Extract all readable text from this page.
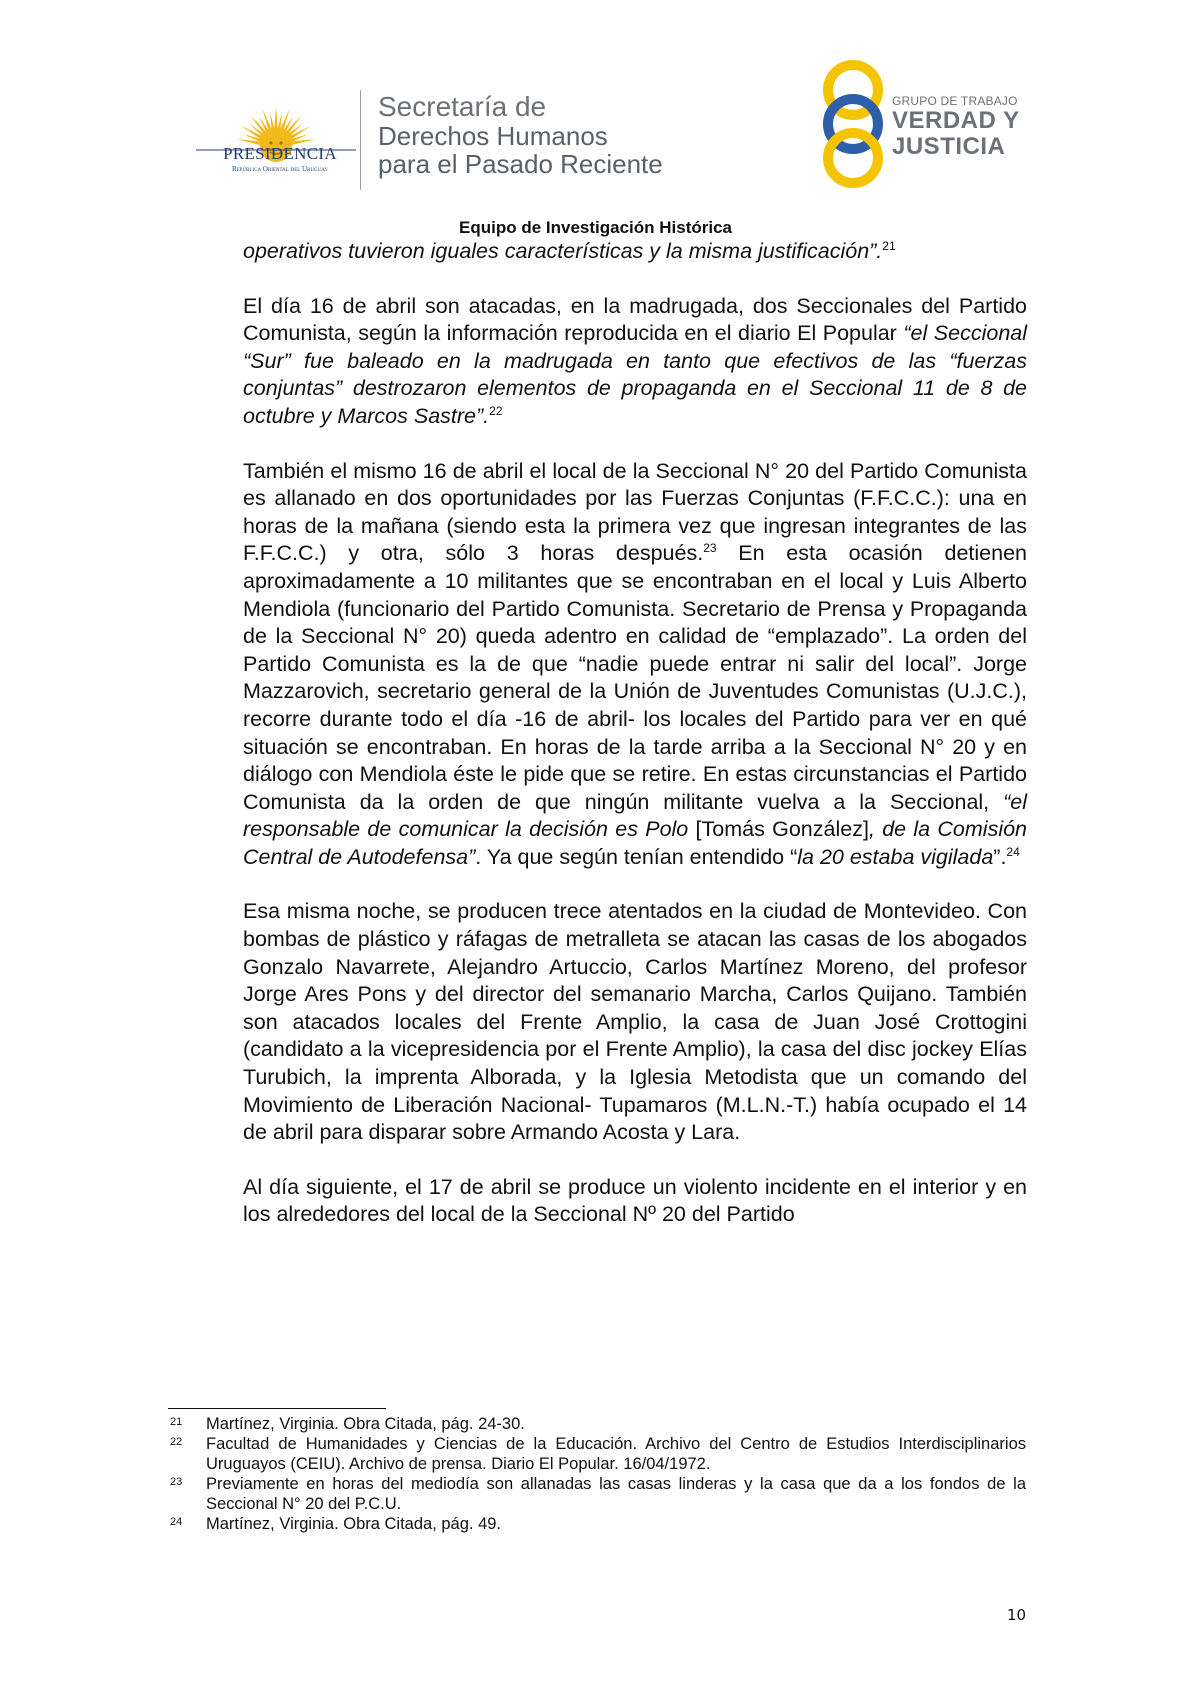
PRESIDENCIA
República Oriental del Uruguay
Secretaría de
Derechos Humanos
para el Pasado Reciente
GRUPO DE TRABAJO
VERDAD Y
JUSTICIA
Equipo de Investigación Histórica

operativos tuvieron iguales características y la misma justificación”.$^{21}$

El día 16 de abril son atacadas, en la madrugada, dos Seccionales del Partido Comunista, según la información reproducida en el diario El Popular “el Seccional “Sur” fue baleado en la madrugada en tanto que efectivos de las “fuerzas conjuntas” destrozaron elementos de propaganda en el Seccional 11 de 8 de octubre y Marcos Sastre”.$^{22}$

También el mismo 16 de abril el local de la Seccional N° 20 del Partido Comunista es allanado en dos oportunidades por las Fuerzas Conjuntas (F.F.C.C.): una en horas de la mañana (siendo esta la primera vez que ingresan integrantes de las F.F.C.C.) y otra, sólo 3 horas después.$^{23}$ En esta ocasión detienen aproximadamente a 10 militantes que se encontraban en el local y Luis Alberto Mendiola (funcionario del Partido Comunista. Secretario de Prensa y Propaganda de la Seccional N° 20) queda adentro en calidad de “emplazado”. La orden del Partido Comunista es la de que “nadie puede entrar ni salir del local”. Jorge Mazzarovich, secretario general de la Unión de Juventudes Comunistas (U.J.C.), recorre durante todo el día -16 de abril- los locales del Partido para ver en qué situación se encontraban. En horas de la tarde arriba a la Seccional N° 20 y en diálogo con Mendiola éste le pide que se retire. En estas circunstancias el Partido Comunista da la orden de que ningún militante vuelva a la Seccional, “el responsable de comunicar la decisión es Polo [Tomás González], de la Comisión Central de Autodefensa”. Ya que según tenían entendido “la 20 estaba vigilada”.$^{24}$

Esa misma noche, se producen trece atentados en la ciudad de Montevideo. Con bombas de plástico y ráfagas de metralleta se atacan las casas de los abogados Gonzalo Navarrete, Alejandro Artuccio, Carlos Martínez Moreno, del profesor Jorge Ares Pons y del director del semanario Marcha, Carlos Quijano. También son atacados locales del Frente Amplio, la casa de Juan José Crottogini (candidato a la vicepresidencia por el Frente Amplio), la casa del disc jockey Elías Turubich, la imprenta Alborada, y la Iglesia Metodista que un comando del Movimiento de Liberación Nacional- Tupamaros (M.L.N.-T.) había ocupado el 14 de abril para disparar sobre Armando Acosta y Lara.

Al día siguiente, el 17 de abril se produce un violento incidente en el interior y en los alrededores del local de la Seccional Nº 20 del Partido

21 Martínez, Virginia. Obra Citada, pág. 24-30.
22 Facultad de Humanidades y Ciencias de la Educación. Archivo del Centro de Estudios Interdisciplinarios Uruguayos (CEIU). Archivo de prensa. Diario El Popular. 16/04/1972.
23 Previamente en horas del mediodía son allanadas las casas linderas y la casa que da a los fondos de la Seccional N° 20 del P.C.U.
24 Martínez, Virginia. Obra Citada, pág. 49.
10
